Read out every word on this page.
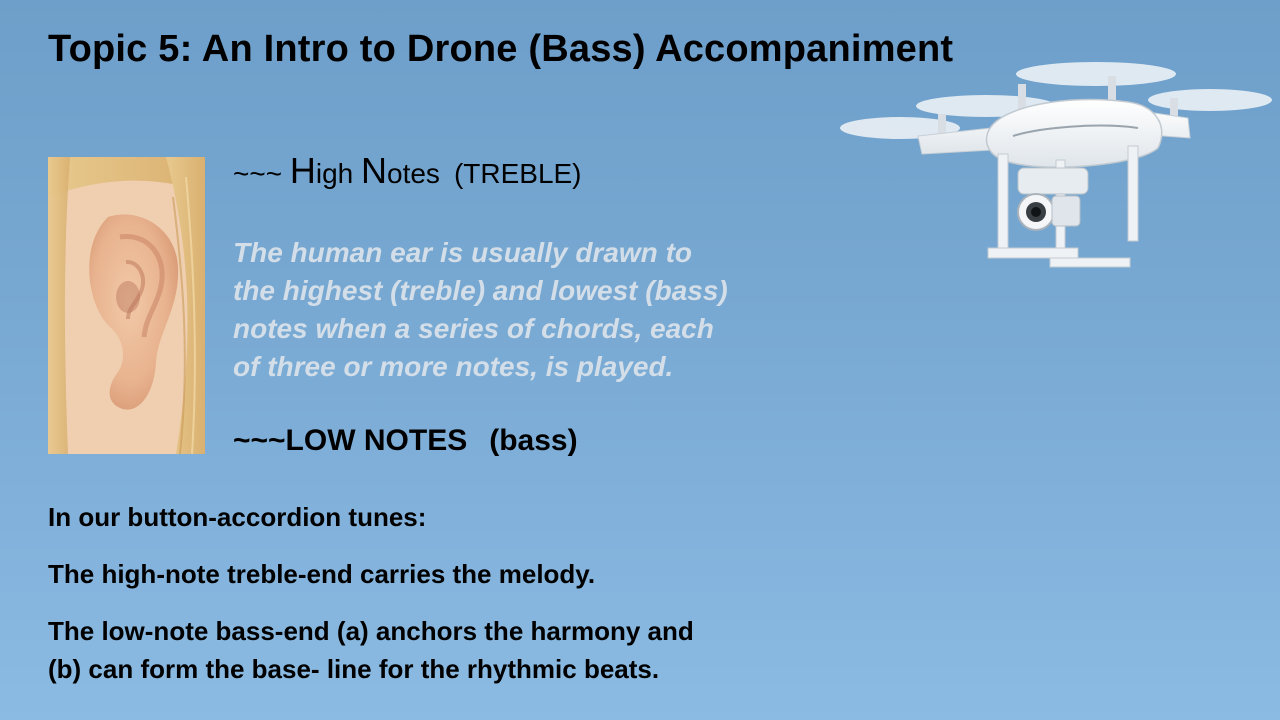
Topic 5: An Intro to Drone (Bass) Accompaniment
~~~ High Notes (TREBLE)
The human ear is usually drawn to
the highest (treble) and lowest (bass)
notes when a series of chords, each
of three or more notes, is played.
~~~LOW NOTES (bass)

In our button-accordion tunes:

The high-note treble-end carries the melody.

The low-note bass-end (a) anchors the harmony and

(b) can form the base- line for the rhythmic beats.
